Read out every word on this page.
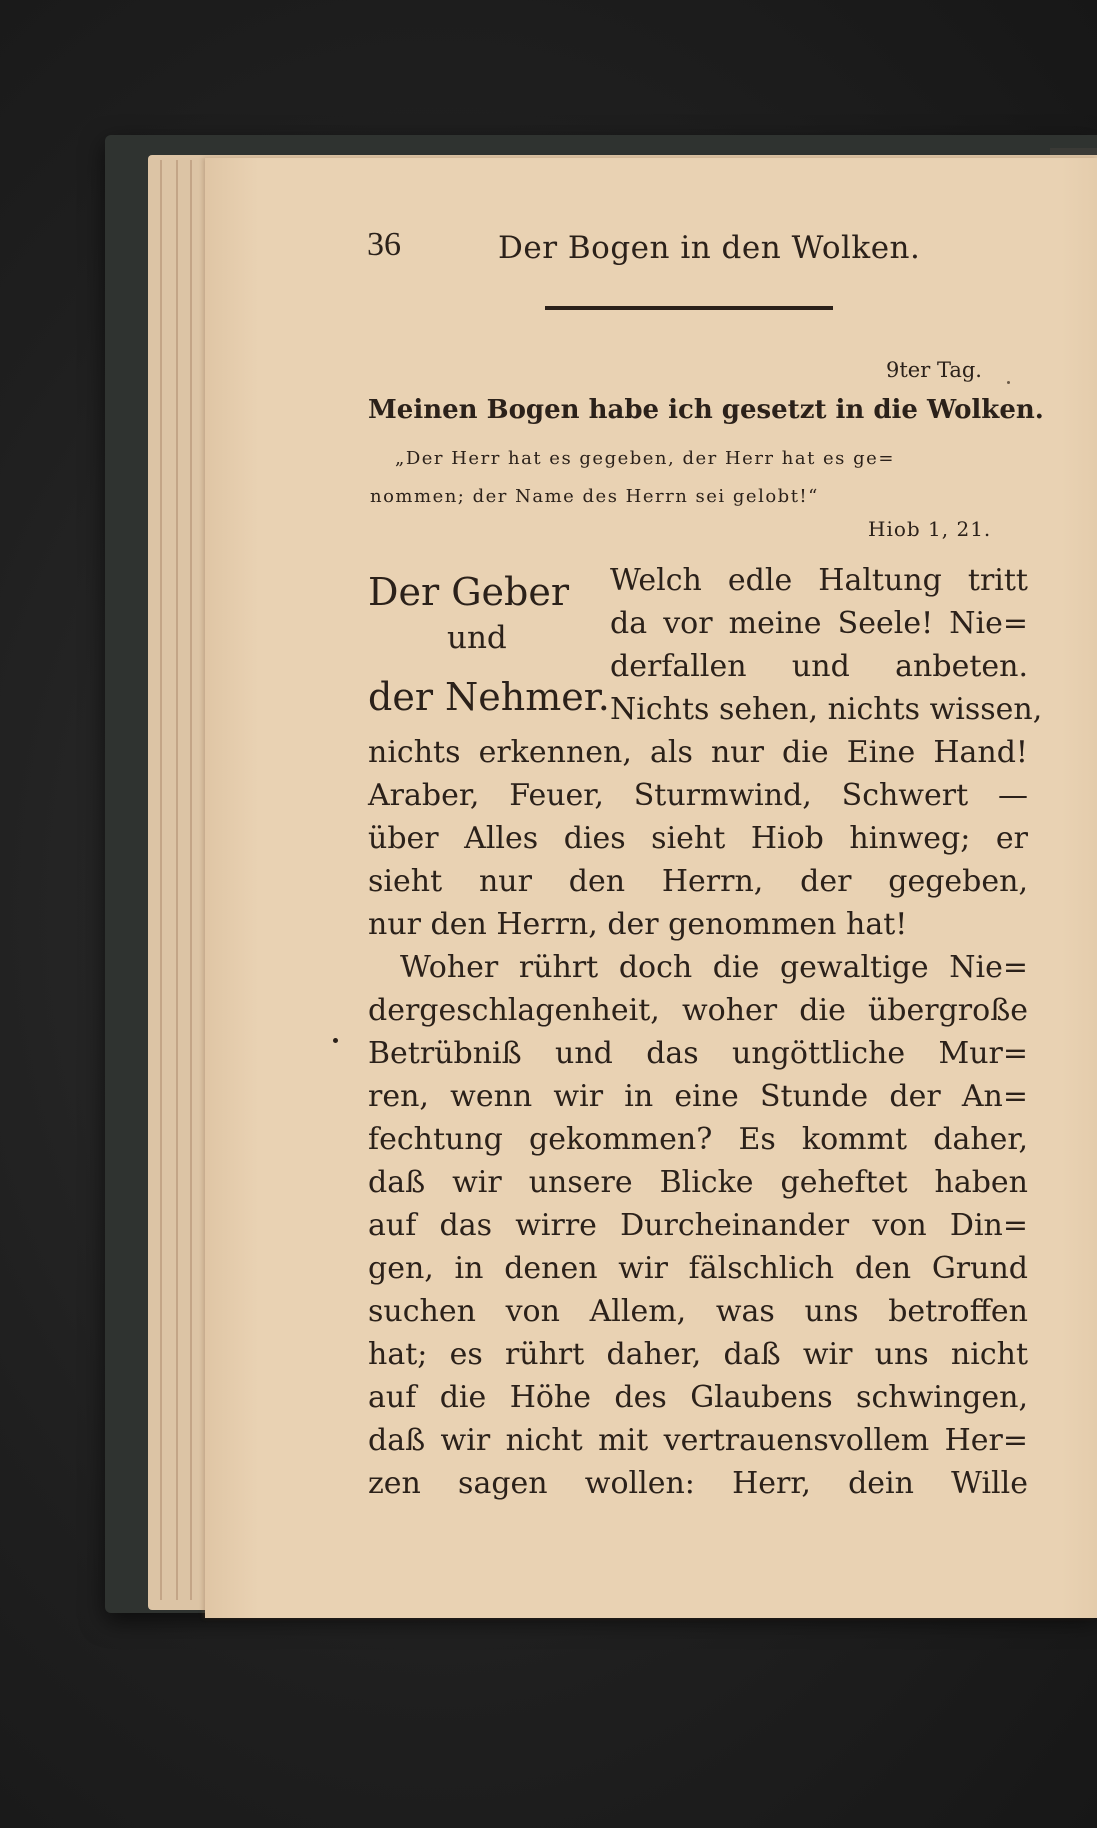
36	Der Bogen in den Wolken.
9ter Tag.
Meinen Bogen habe ich gesetzt in die Wolken.
„Der Herr hat es gegeben, der Herr hat es ge=
nommen; der Name des Herrn sei gelobt!“
Hiob 1, 21.
Der Geber
und
der Nehmer.
Welch edle Haltung tritt
da vor meine Seele! Nie=
derfallen und anbeten.
Nichts sehen, nichts wissen,
nichts erkennen, als nur die Eine Hand!
Araber, Feuer, Sturmwind, Schwert —
über Alles dies sieht Hiob hinweg; er
sieht nur den Herrn, der gegeben,
nur den Herrn, der genommen hat!
Woher rührt doch die gewaltige Nie=
dergeschlagenheit, woher die übergroße
Betrübniß und das ungöttliche Mur=
ren, wenn wir in eine Stunde der An=
fechtung gekommen? Es kommt daher,
daß wir unsere Blicke geheftet haben
auf das wirre Durcheinander von Din=
gen, in denen wir fälschlich den Grund
suchen von Allem, was uns betroffen
hat; es rührt daher, daß wir uns nicht
auf die Höhe des Glaubens schwingen,
daß wir nicht mit vertrauensvollem Her=
zen sagen wollen: Herr, dein Wille
